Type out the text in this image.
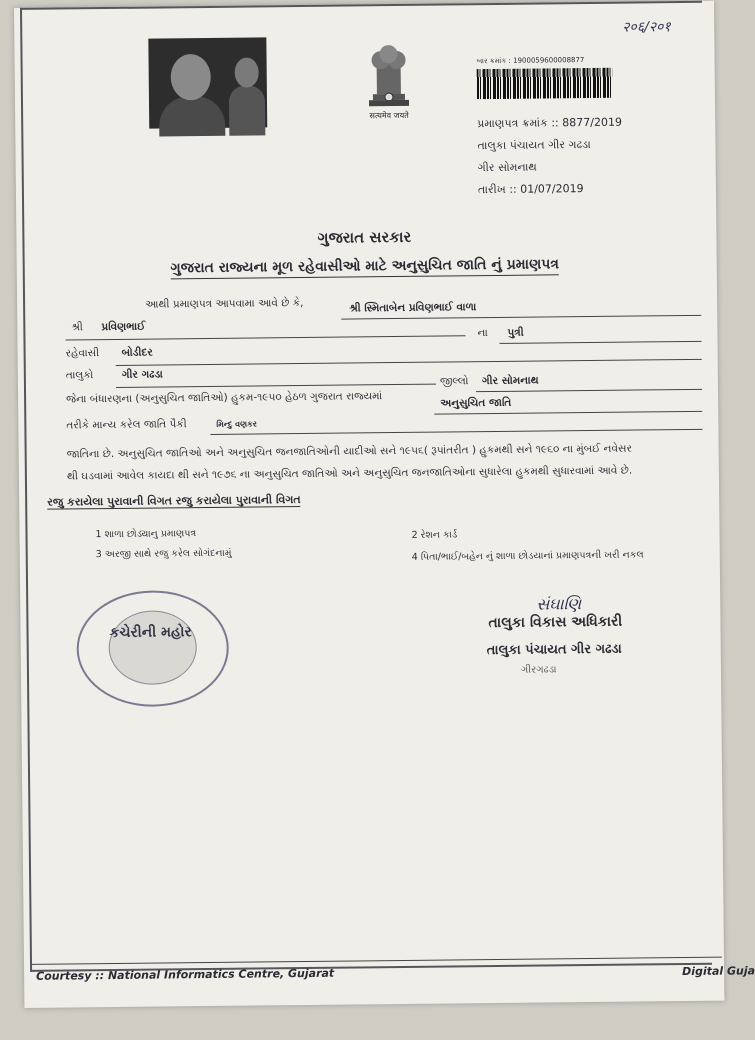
२०६/२०१
सत्यमेव जयते
બાર ક્રમાંક : 1900059600008877
પ્રમાણપત્ર ક્રમાંક :: 8877/2019
તાલુકા પંચાયત ગીર ગઢડા
ગીર સોમનાથ
તારીખ :: 01/07/2019
ગુજરાત સરકાર
ગુજરાત રાજ્યના મૂળ રહેવાસીઓ માટે અનુસુચિત જાતિ નું પ્રમાણપત્ર
આથી પ્રમાણપત્ર આપવામા આવે છે કે,	શ્રી સ્મિતાબેન પ્રવિણભાઈ વાળા
શ્રી પ્રવિણભાઈ
ના પુત્રી
રહેવાસી બોડીદર
તાલુકો	ગીર ગઢડા
જીલ્લો ગીર સોમનાથ
જેના બંધારણના (અનુસુચિત જાતિઓ) હુકમ-૧૯૫૦ હેઠળ ગુજરાત રાજ્યમાં	અનુસુચિત જાતિ
તરીકે માન્ય કરેલ જાતિ પૈકી	મિન્દુ વણકર
જાતિના છે. અનુસુચિત જાતિઓ અને અનુસુચિત જનજાતિઓની યાદીઓ સને ૧૯૫૬( રૂપાંતરીત ) હુકમથી સને ૧૯૬૦ ના મુંબઈ નવેસર
થી ઘડવામાં આવેલ કાયદા થી સને ૧૯૭૬ ના અનુસુચિત જાતિઓ અને અનુસુચિત જનજાતિઓના સુધારેલા હુકમથી સુધારવામાં આવે છે.
રજુ કરાયેલા પુરાવાની વિગત રજુ કરાયેલા પુરાવાની વિગત
1 શાળા છોડ્યાનુ પ્રમાણપત્ર	2 રેશન કાર્ડ
3 અરજી સાથે રજુ કરેલ સોગંદનામું	4 પિતા/ભાઈ/બહેન નું શાળા છોડયાનાં પ્રમાણપત્રની ખરી નકલ
કચેરીની મહોર
સંઘાણિ
તાલુકા વિકાસ અધિકારી
તાલુકા પંચાયત ગીર ગઢડા
ગીરગઢડા
Courtesy :: National Informatics Centre, Gujarat	Digital Guja
